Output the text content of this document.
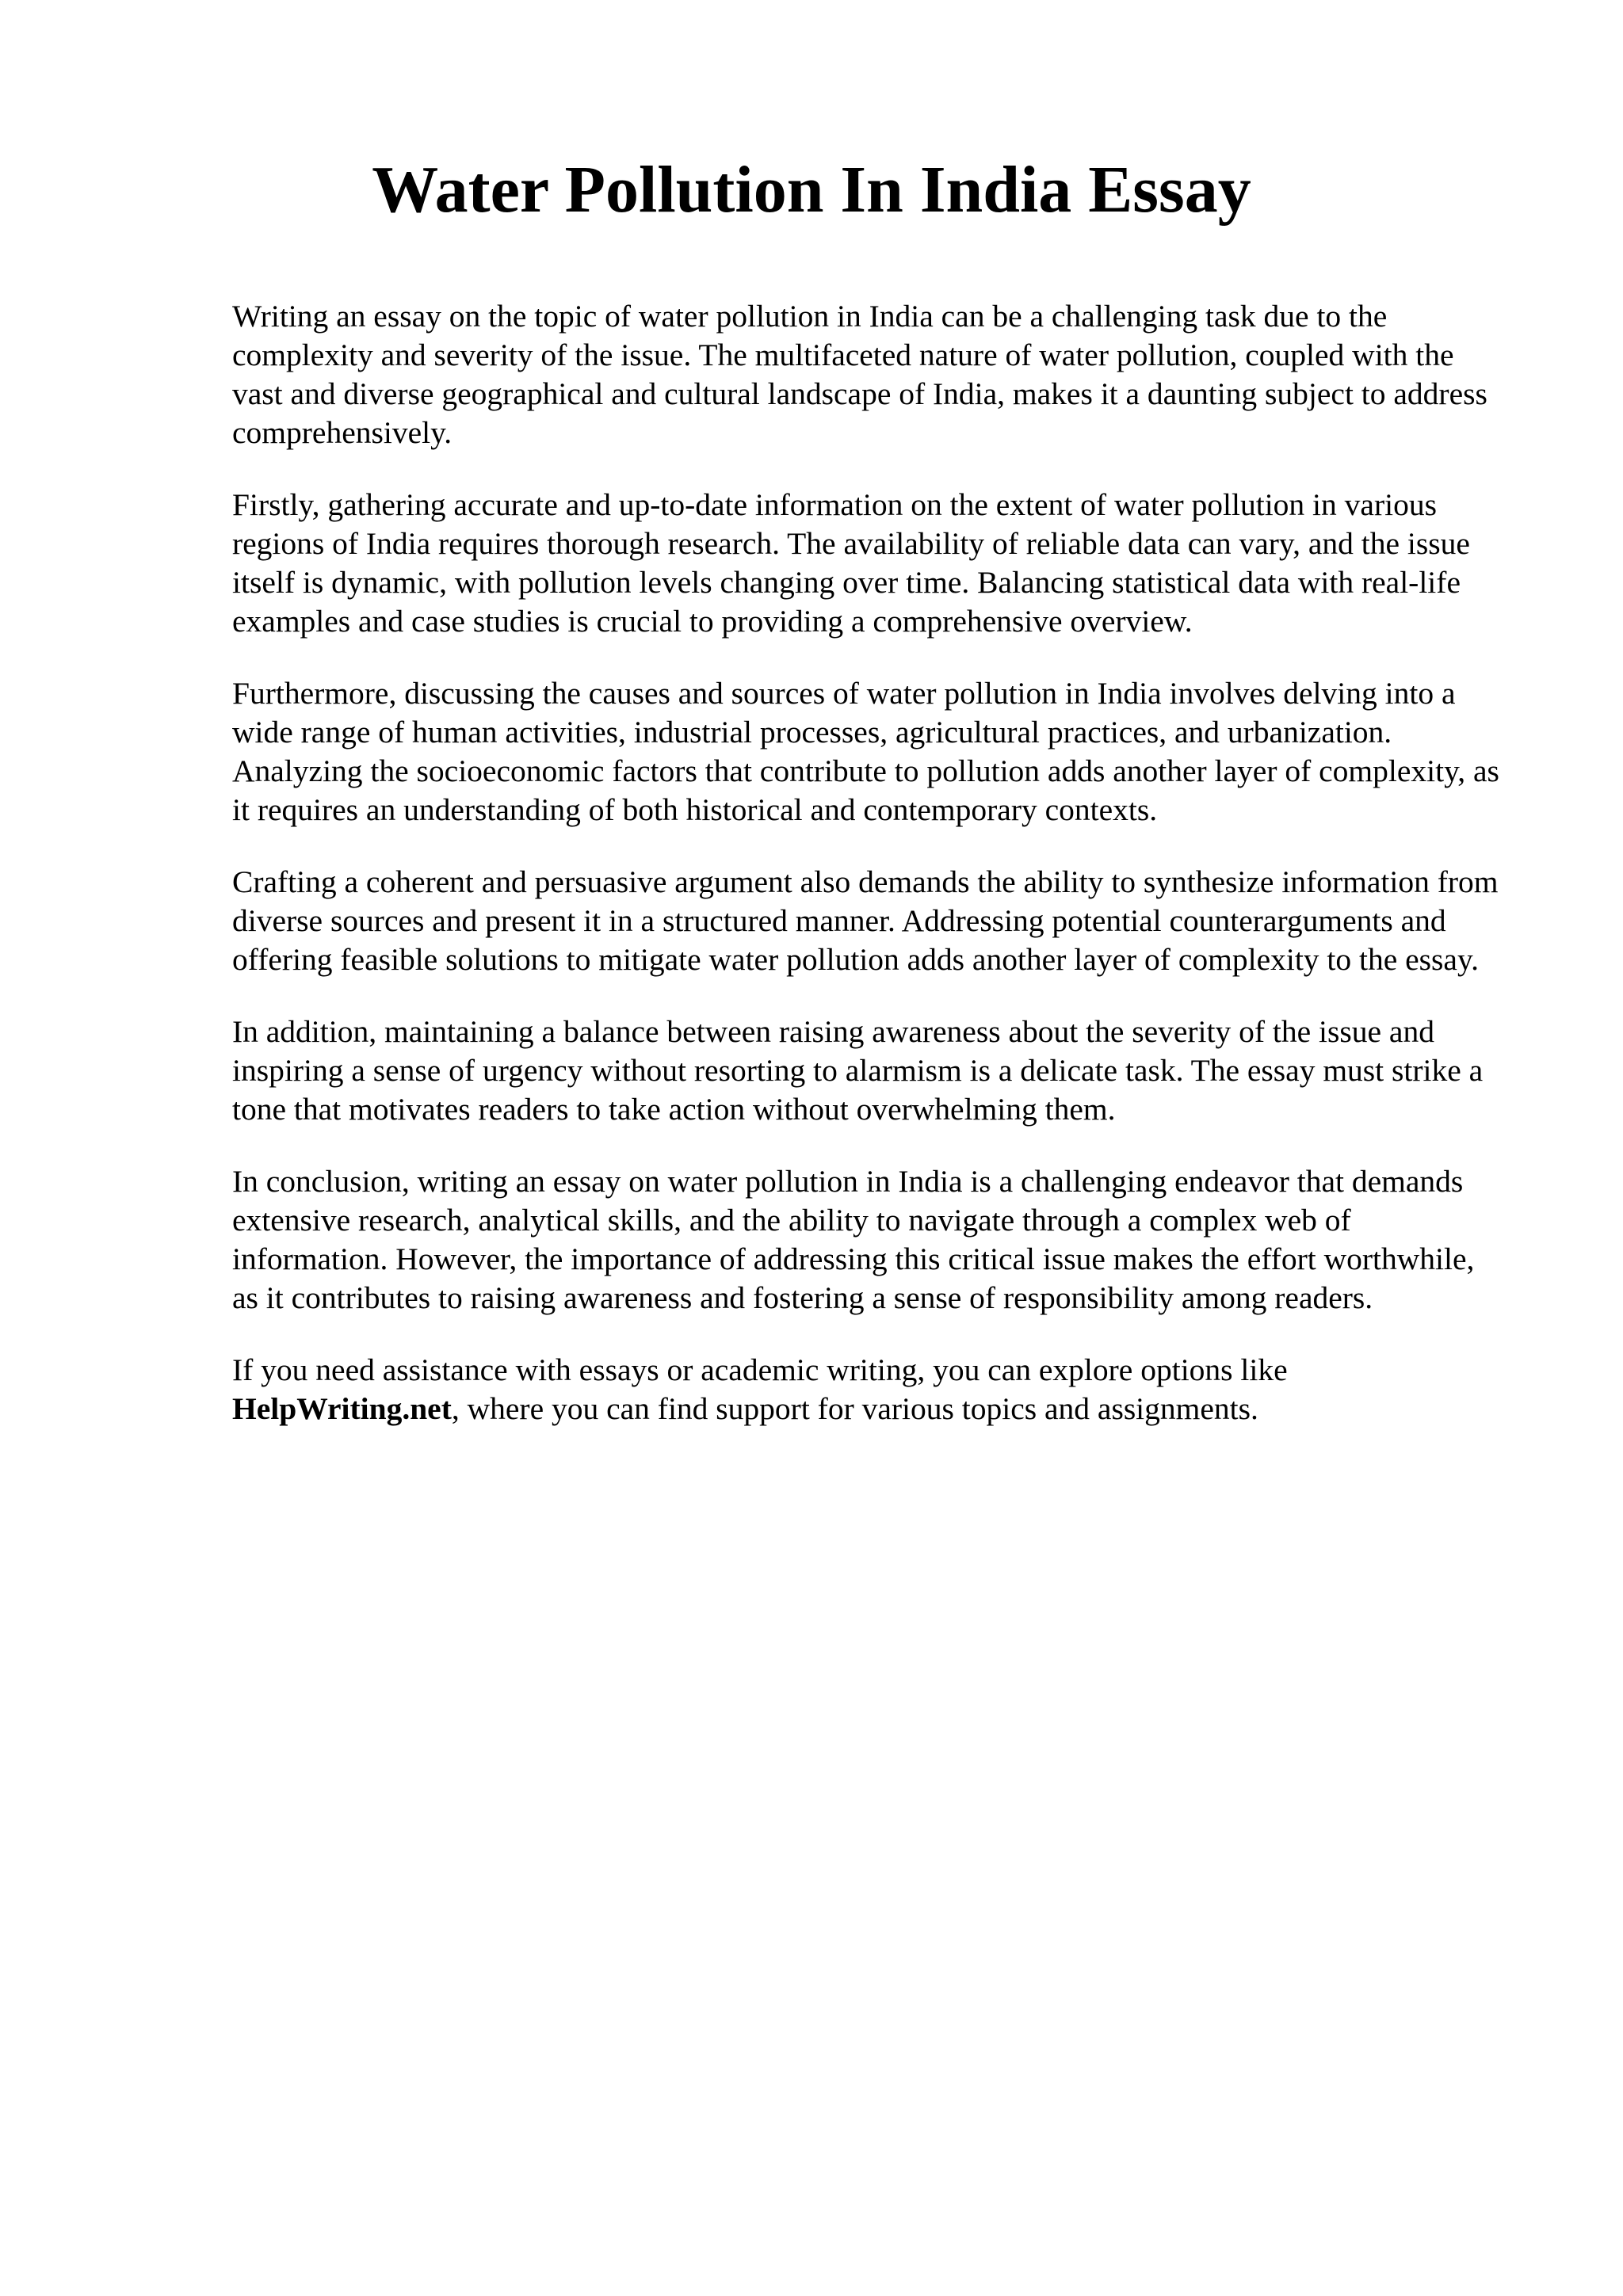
Water Pollution In India Essay

Writing an essay on the topic of water pollution in India can be a challenging task due to the complexity and severity of the issue. The multifaceted nature of water pollution, coupled with the vast and diverse geographical and cultural landscape of India, makes it a daunting subject to address comprehensively.

Firstly, gathering accurate and up-to-date information on the extent of water pollution in various regions of India requires thorough research. The availability of reliable data can vary, and the issue itself is dynamic, with pollution levels changing over time. Balancing statistical data with real-life examples and case studies is crucial to providing a comprehensive overview.

Furthermore, discussing the causes and sources of water pollution in India involves delving into a wide range of human activities, industrial processes, agricultural practices, and urbanization. Analyzing the socioeconomic factors that contribute to pollution adds another layer of complexity, as it requires an understanding of both historical and contemporary contexts.

Crafting a coherent and persuasive argument also demands the ability to synthesize information from diverse sources and present it in a structured manner. Addressing potential counterarguments and offering feasible solutions to mitigate water pollution adds another layer of complexity to the essay.

In addition, maintaining a balance between raising awareness about the severity of the issue and inspiring a sense of urgency without resorting to alarmism is a delicate task. The essay must strike a tone that motivates readers to take action without overwhelming them.

In conclusion, writing an essay on water pollution in India is a challenging endeavor that demands extensive research, analytical skills, and the ability to navigate through a complex web of information. However, the importance of addressing this critical issue makes the effort worthwhile, as it contributes to raising awareness and fostering a sense of responsibility among readers.

If you need assistance with essays or academic writing, you can explore options like HelpWriting.net, where you can find support for various topics and assignments.
